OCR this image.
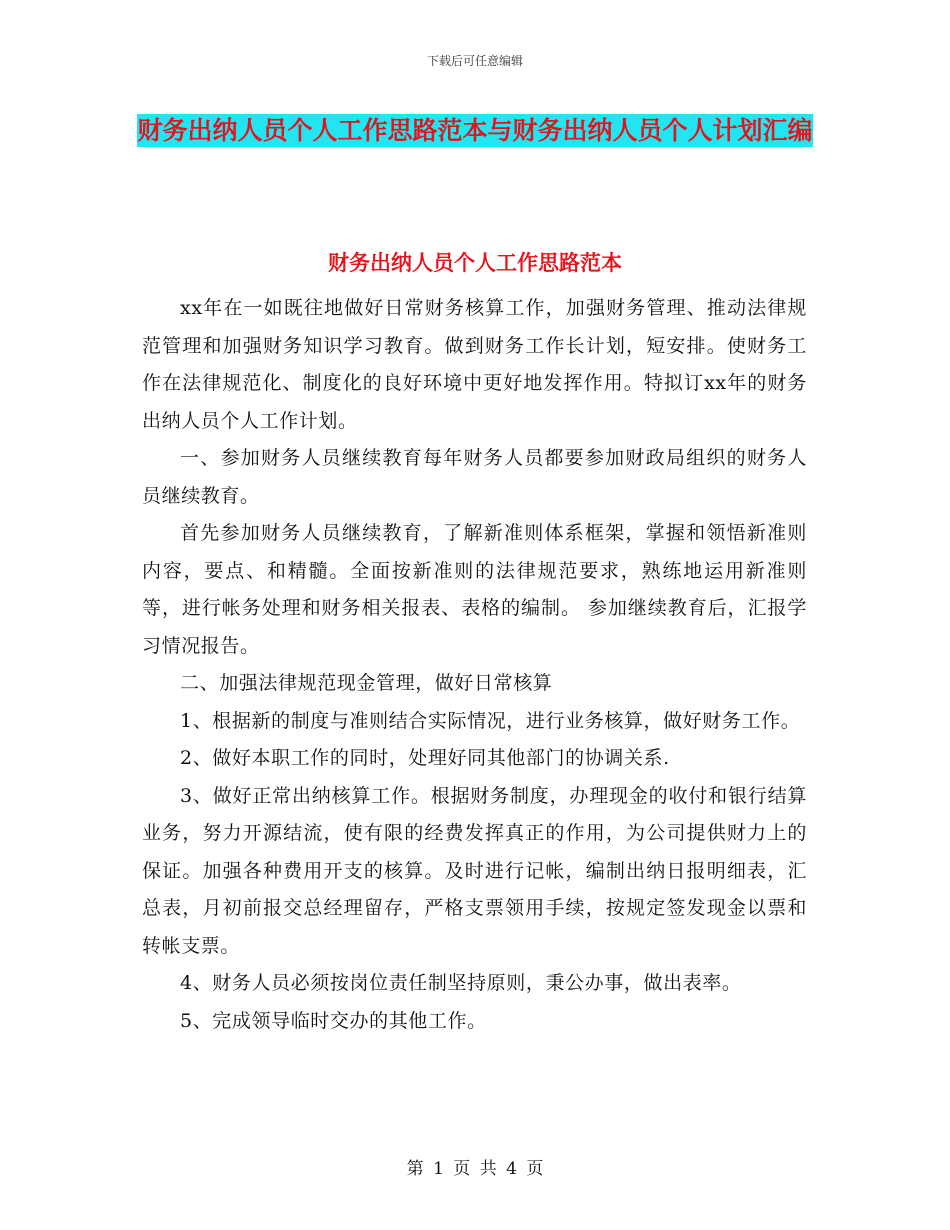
下载后可任意编辑
财务出纳人员个人工作思路范本与财务出纳人员个人计划汇编
财务出纳人员个人工作思路范本

xx年在一如既往地做好日常财务核算工作，加强财务管理、推动法律规范管理和加强财务知识学习教育。做到财务工作长计划，短安排。使财务工作在法律规范化、制度化的良好环境中更好地发挥作用。特拟订xx年的财务出纳人员个人工作计划。

一、参加财务人员继续教育每年财务人员都要参加财政局组织的财务人员继续教育。

首先参加财务人员继续教育，了解新准则体系框架，掌握和领悟新准则内容，要点、和精髓。全面按新准则的法律规范要求，熟练地运用新准则等，进行帐务处理和财务相关报表、表格的编制。 参加继续教育后，汇报学习情况报告。

二、加强法律规范现金管理，做好日常核算

1、根据新的制度与准则结合实际情况，进行业务核算，做好财务工作。

2、做好本职工作的同时，处理好同其他部门的协调关系.

3、做好正常出纳核算工作。根据财务制度，办理现金的收付和银行结算业务，努力开源结流，使有限的经费发挥真正的作用，为公司提供财力上的保证。加强各种费用开支的核算。及时进行记帐，编制出纳日报明细表，汇总表，月初前报交总经理留存，严格支票领用手续，按规定签发现金以票和转帐支票。

4、财务人员必须按岗位责任制坚持原则，秉公办事，做出表率。

5、完成领导临时交办的其他工作。

第 1 页 共 4 页
